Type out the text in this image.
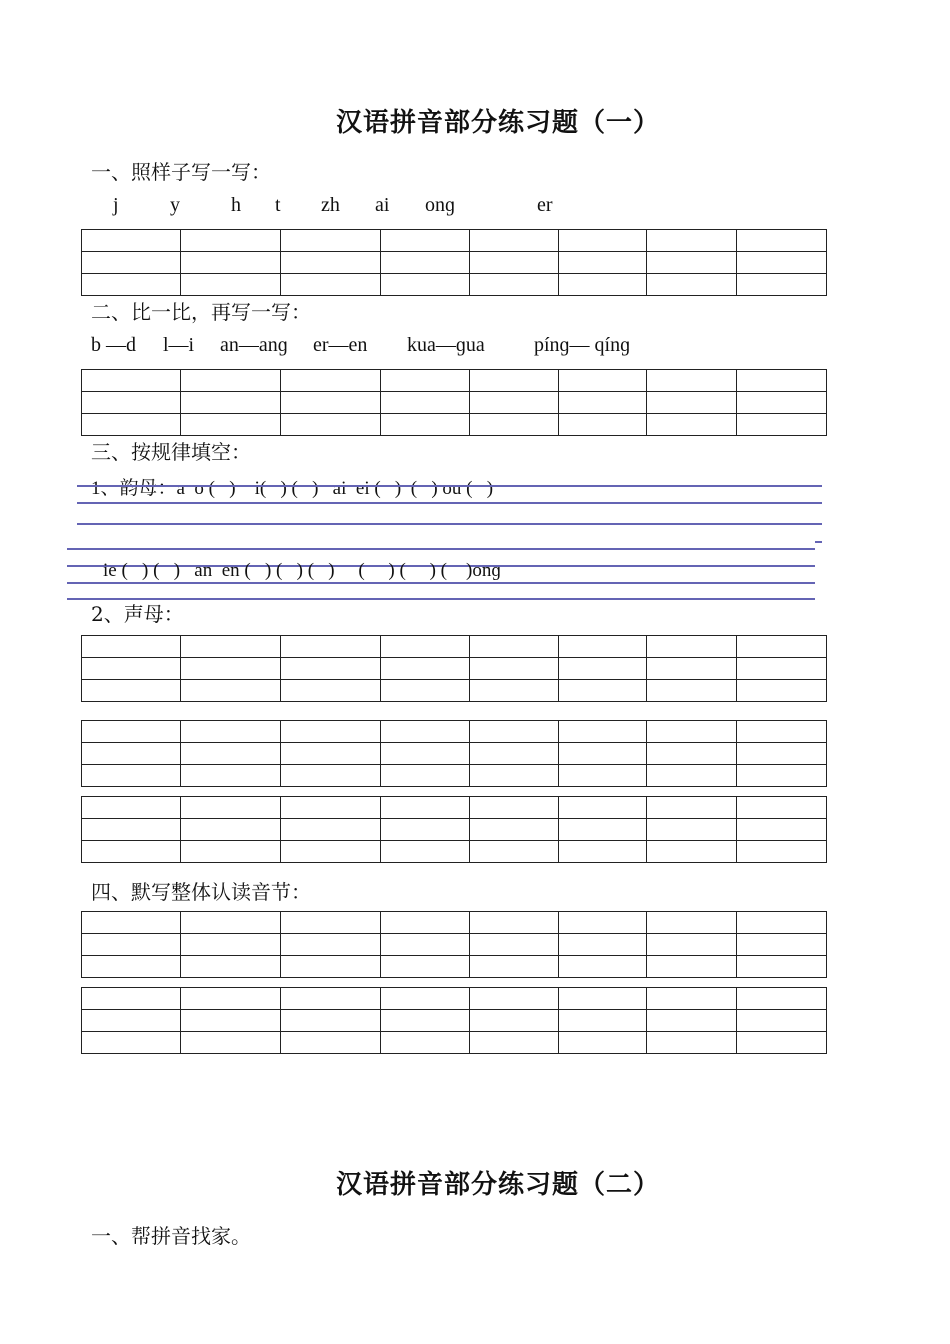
汉语拼音部分练习题（一）
一、照样子写一写：
j	y	h t zh ai onɡ	er

二、比一比，再写一写：
b —d l—i an—anɡ er—en kua—ɡua pínɡ— qínɡ

三、按规律填空：
1、韵母：a  o (   )    i(   ) (   )   ai  ei (   )  (   ) ou (   )
ie (   ) (   )   an  en (   ) (   ) (   )     (     ) (     ) (    )onɡ
2、声母：

四、默写整体认读音节：

汉语拼音部分练习题（二）
一、帮拼音找家。
